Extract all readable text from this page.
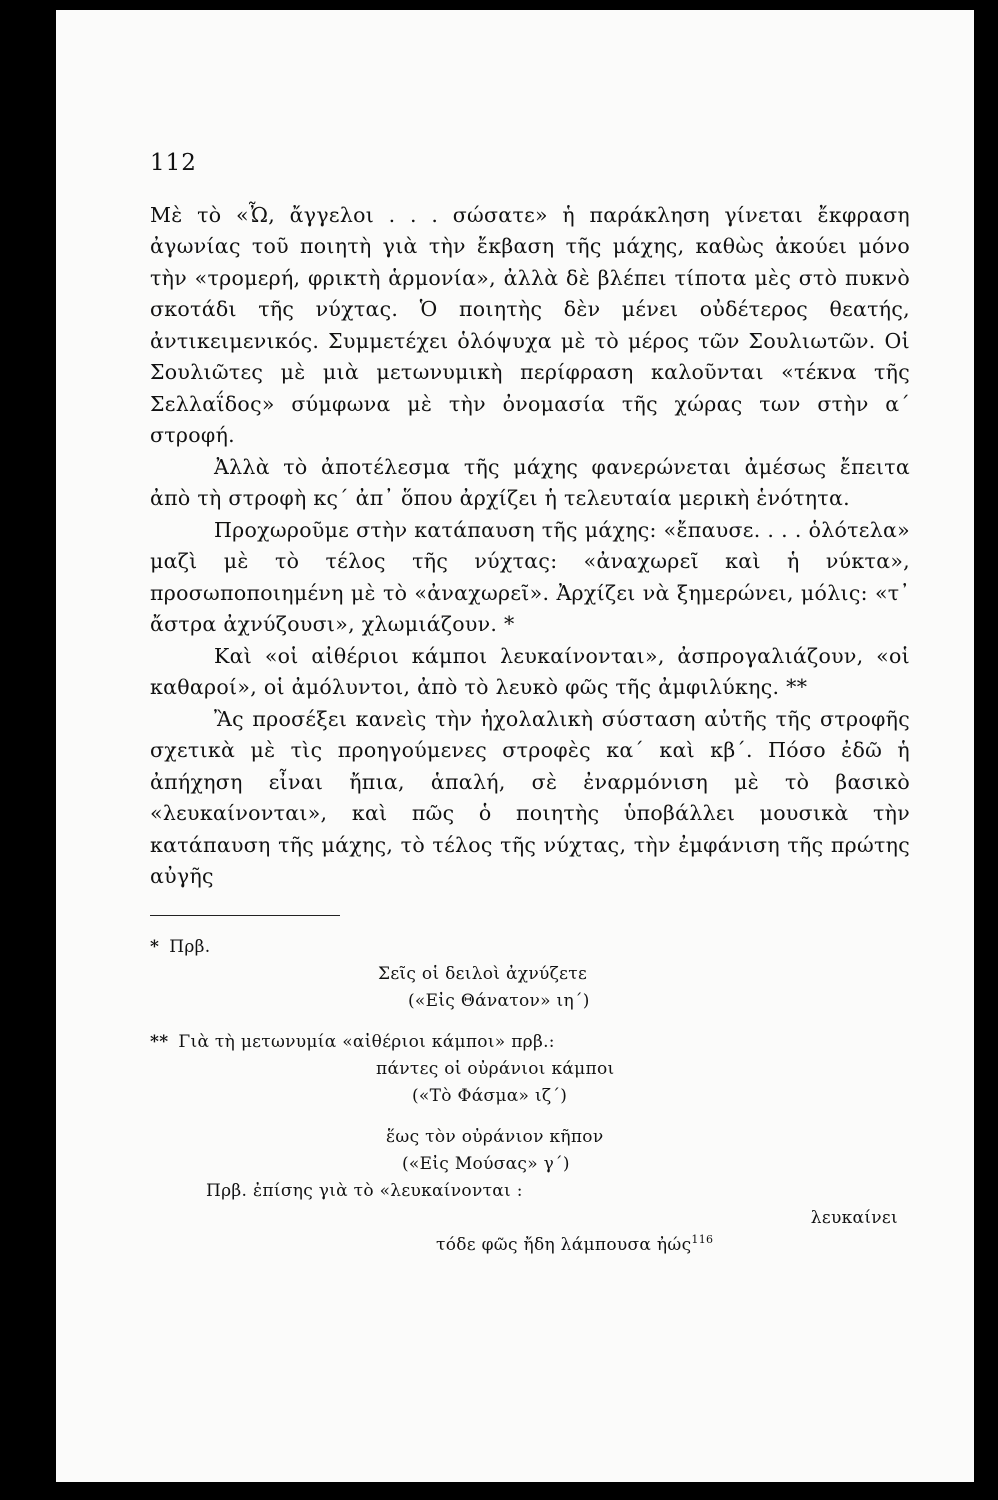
112

Μὲ τὸ «Ὦ, ἄγγελοι . . . σώσατε» ἡ παράκληση γίνεται ἔκφραση ἀγωνίας τοῦ ποιητὴ γιὰ τὴν ἔκβαση τῆς μάχης, καθὼς ἀκούει μόνο τὴν «τρομερή, φρικτὴ ἁρμονία», ἀλλὰ δὲ βλέπει τίποτα μὲς στὸ πυκνὸ σκοτάδι τῆς νύχτας. Ὁ ποιητὴς δὲν μένει οὐδέτερος θεατής, ἀντικειμενικός. Συμμετέχει ὁλόψυχα μὲ τὸ μέρος τῶν Σουλιωτῶν. Οἱ Σουλιῶτες μὲ μιὰ μετωνυμικὴ περίφραση καλοῦνται «τέκνα τῆς Σελλαΐδος» σύμφωνα μὲ τὴν ὀνομασία τῆς χώρας των στὴν α´ στροφή.

Ἀλλὰ τὸ ἀποτέλεσμα τῆς μάχης φανερώνεται ἀμέσως ἔπειτα ἀπὸ τὴ στροφὴ κς´ ἀπ᾿ ὅπου ἀρχίζει ἡ τελευταία μερικὴ ἑνότητα.

Προχωροῦμε στὴν κατάπαυση τῆς μάχης: «ἔπαυσε. . . . ὁλότελα» μαζὶ μὲ τὸ τέλος τῆς νύχτας: «ἀναχωρεῖ καὶ ἡ νύκτα», προσωποποιημένη μὲ τὸ «ἀναχωρεῖ». Ἀρχίζει νὰ ξημερώνει, μόλις: «τ᾿ ἄστρα ἀχνύζουσι», χλωμιάζουν. *

Καὶ «οἱ αἰθέριοι κάμποι λευκαίνονται», ἀσπρογαλιάζουν, «οἱ καθαροί», οἱ ἀμόλυντοι, ἀπὸ τὸ λευκὸ φῶς τῆς ἀμφιλύκης. **

Ἂς προσέξει κανεὶς τὴν ἠχολαλικὴ σύσταση αὐτῆς τῆς στροφῆς σχετικὰ μὲ τὶς προηγούμενες στροφὲς κα´ καὶ κβ´. Πόσο ἐδῶ ἡ ἀπήχηση εἶναι ἤπια, ἁπαλή, σὲ ἐναρμόνιση μὲ τὸ βασικὸ «λευκαίνονται», καὶ πῶς ὁ ποιητὴς ὑποβάλλει μουσικὰ τὴν κατάπαυση τῆς μάχης, τὸ τέλος τῆς νύχτας, τὴν ἐμφάνιση τῆς πρώτης αὐγῆς

* Πρβ.
Σεῖς οἱ δειλοὶ ἀχνύζετε
(«Εἰς Θάνατον» ιη´)
** Γιὰ τὴ μετωνυμία «αἰθέριοι κάμποι» πρβ.:
πάντες οἱ οὐράνιοι κάμποι
(«Τὸ Φάσμα» ιζ´)
ἕως τὸν οὐράνιον κῆπον
(«Εἰς Μούσας» γ´)
Πρβ. ἐπίσης γιὰ τὸ «λευκαίνονται :
λευκαίνει
τόδε φῶς ἤδη λάμπουσα ἠώς$^{116}$
